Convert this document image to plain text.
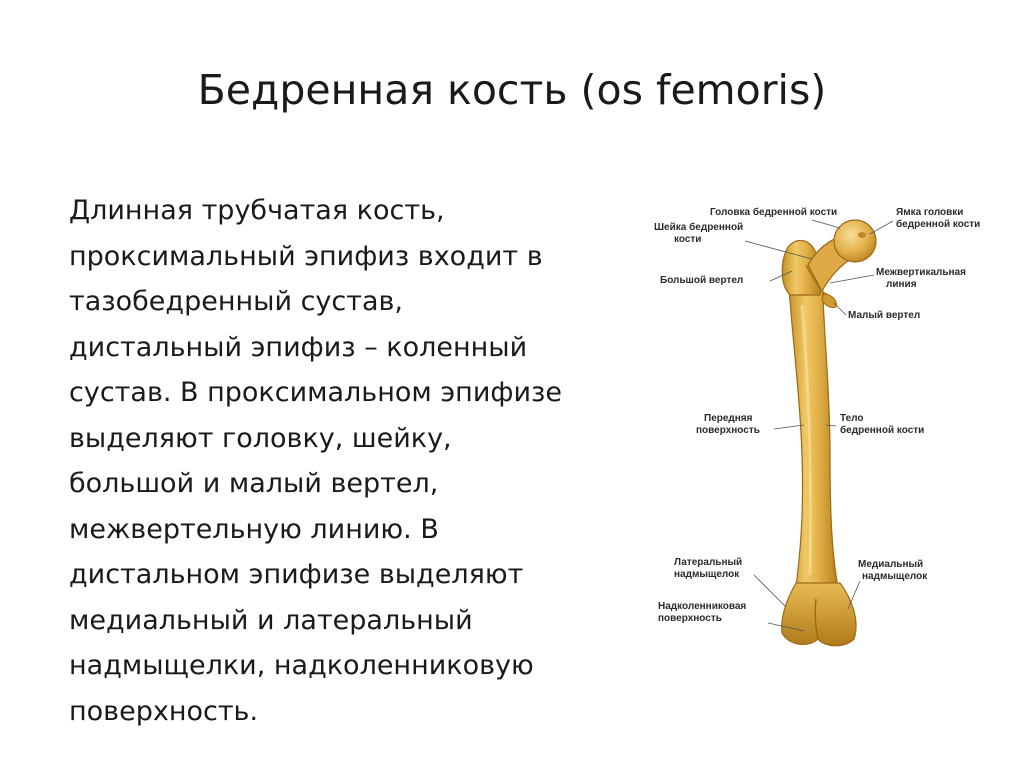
Бедренная кость (os femoris)
Длинная трубчатая кость,
проксимальный эпифиз входит в
тазобедренный сустав,
дистальный эпифиз – коленный
сустав. В проксимальном эпифизе
выделяют головку, шейку,
большой и малый вертел,
межвертельную линию. В
дистальном эпифизе выделяют
медиальный и латеральный
надмыщелки, надколенниковую
поверхность.
Головка бедренной кости	Ямка головки
бедренной кости
Шейка бедренной
кости
Большой вертел
Межвертикальная
линия
Малый вертел
Передняя
поверхность
Тело
бедренной кости
Латеральный
надмыщелок
Медиальный
надмыщелок
Надколенниковая
поверхность
